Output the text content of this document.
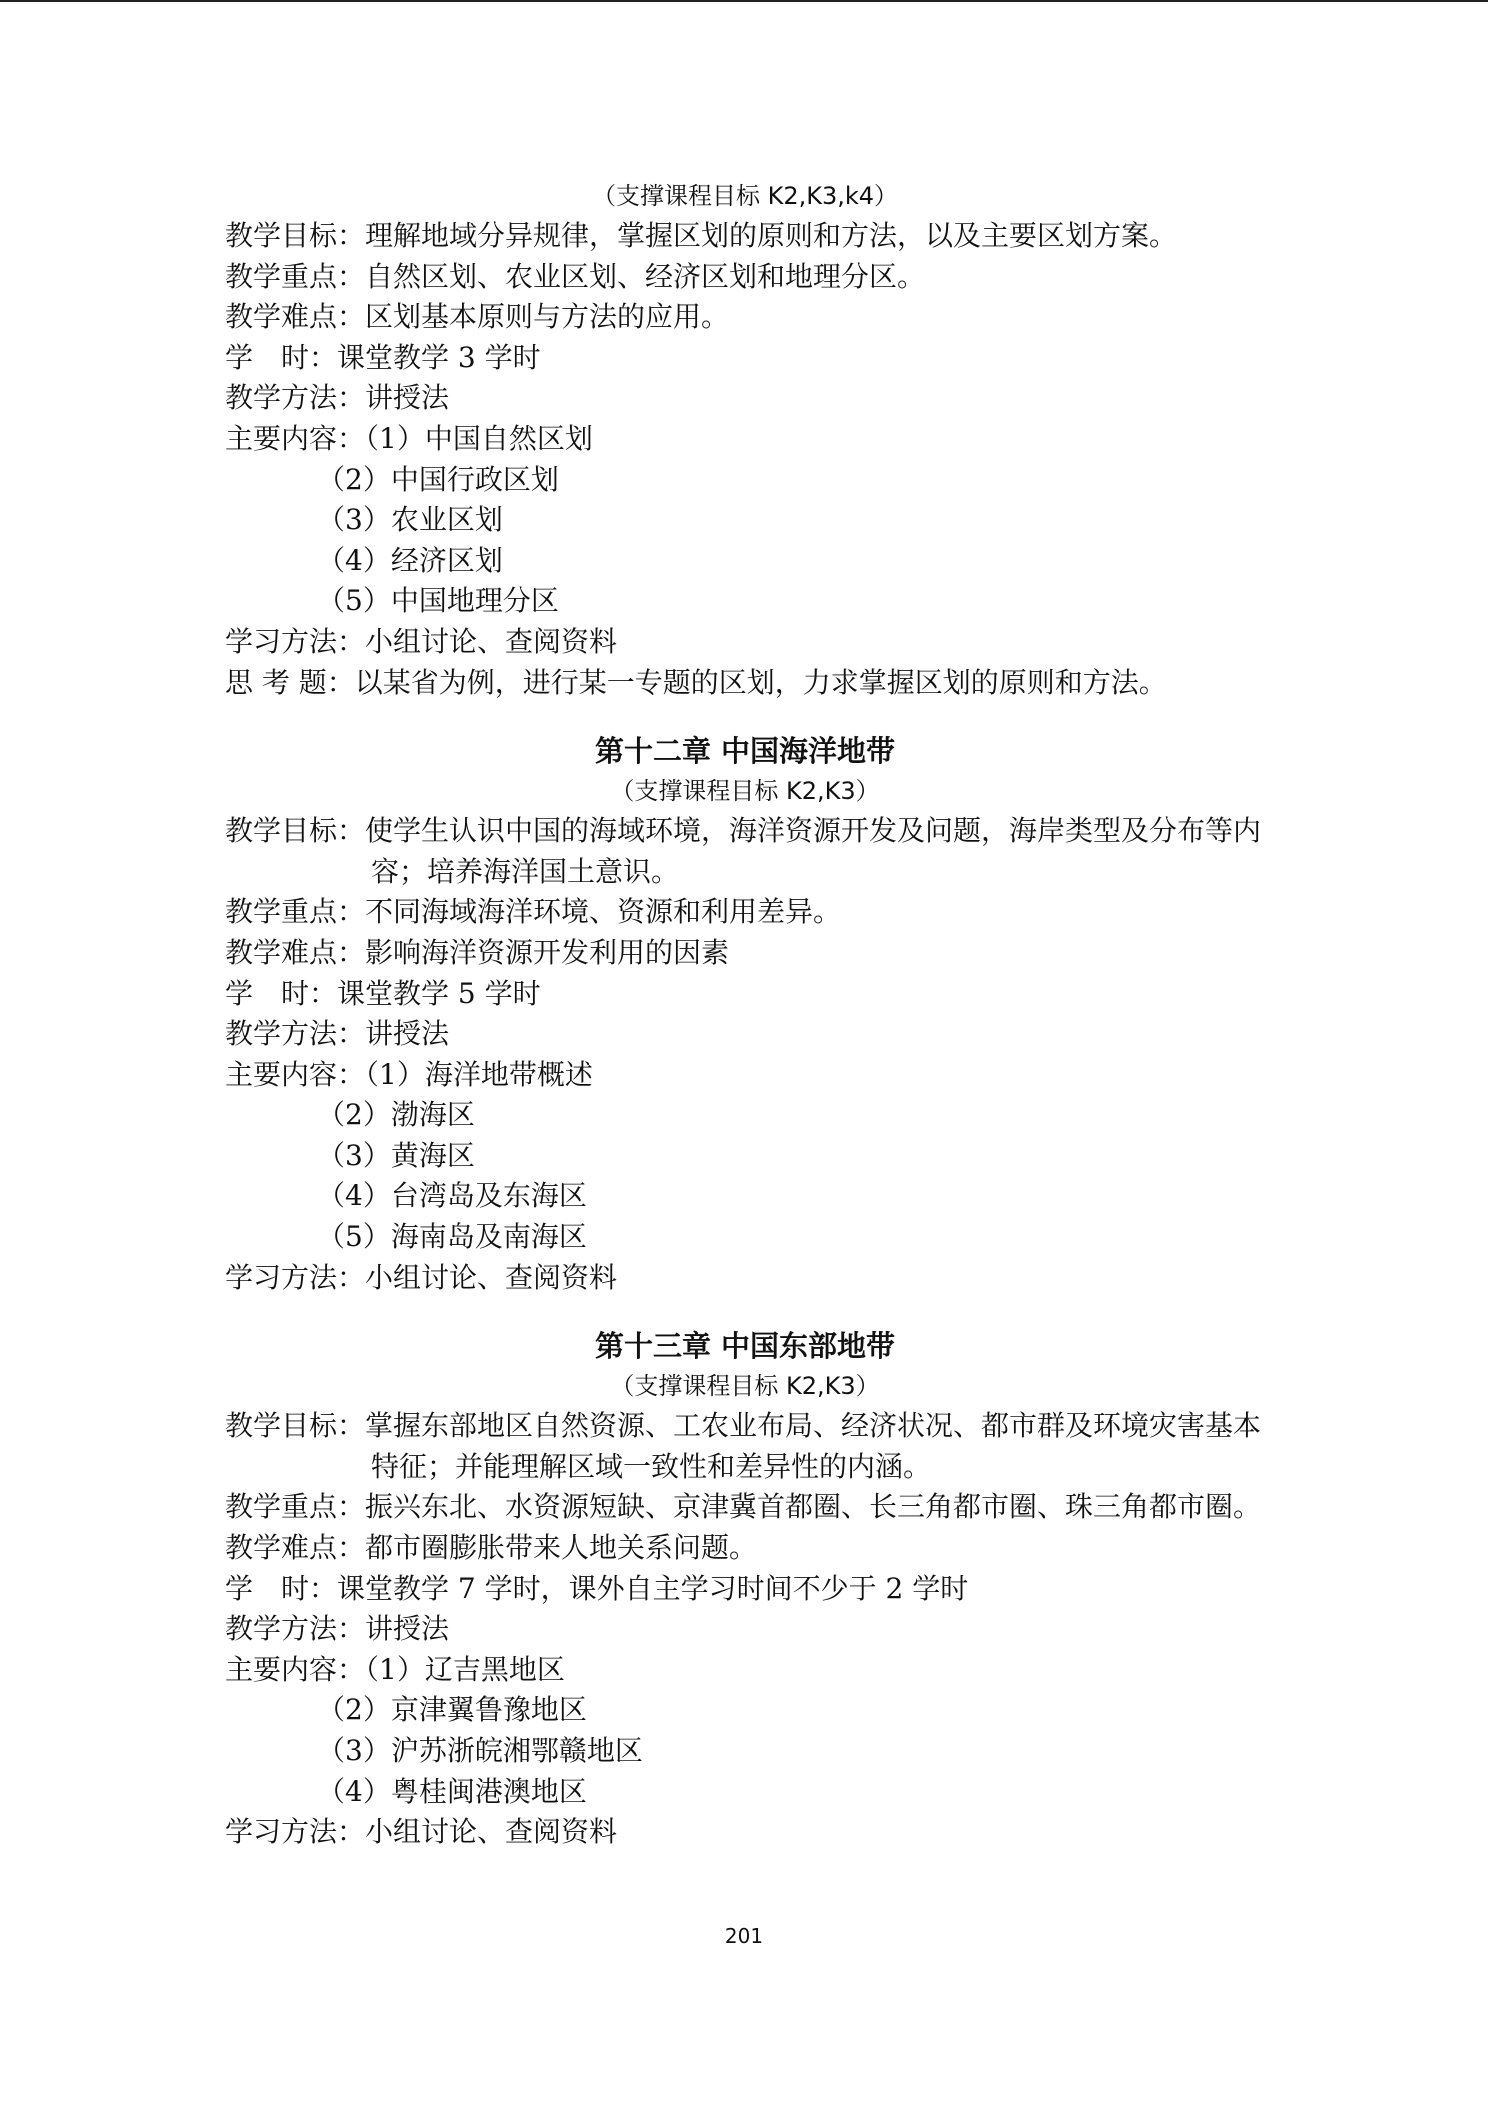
（支撑课程目标 K2,K3,k4）
教学目标：理解地域分异规律，掌握区划的原则和方法，以及主要区划方案。
教学重点：自然区划、农业区划、经济区划和地理分区。
教学难点：区划基本原则与方法的应用。
学　时：课堂教学 3 学时
教学方法：讲授法
主要内容：（1）中国自然区划
（2）中国行政区划
（3）农业区划
（4）经济区划
（5）中国地理分区
学习方法：小组讨论、查阅资料
思 考 题：以某省为例，进行某一专题的区划，力求掌握区划的原则和方法。
第十二章 中国海洋地带
（支撑课程目标 K2,K3）
教学目标：使学生认识中国的海域环境，海洋资源开发及问题，海岸类型及分布等内容；培养海洋国土意识。
教学重点：不同海域海洋环境、资源和利用差异。
教学难点：影响海洋资源开发利用的因素
学　时：课堂教学 5 学时
教学方法：讲授法
主要内容：（1）海洋地带概述
（2）渤海区
（3）黄海区
（4）台湾岛及东海区
（5）海南岛及南海区
学习方法：小组讨论、查阅资料
第十三章 中国东部地带
（支撑课程目标 K2,K3）
教学目标：掌握东部地区自然资源、工农业布局、经济状况、都市群及环境灾害基本特征；并能理解区域一致性和差异性的内涵。
教学重点：振兴东北、水资源短缺、京津冀首都圈、长三角都市圈、珠三角都市圈。
教学难点：都市圈膨胀带来人地关系问题。
学　时：课堂教学 7 学时，课外自主学习时间不少于 2 学时
教学方法：讲授法
主要内容：（1）辽吉黑地区
（2）京津翼鲁豫地区
（3）沪苏浙皖湘鄂赣地区
（4）粤桂闽港澳地区
学习方法：小组讨论、查阅资料
201
